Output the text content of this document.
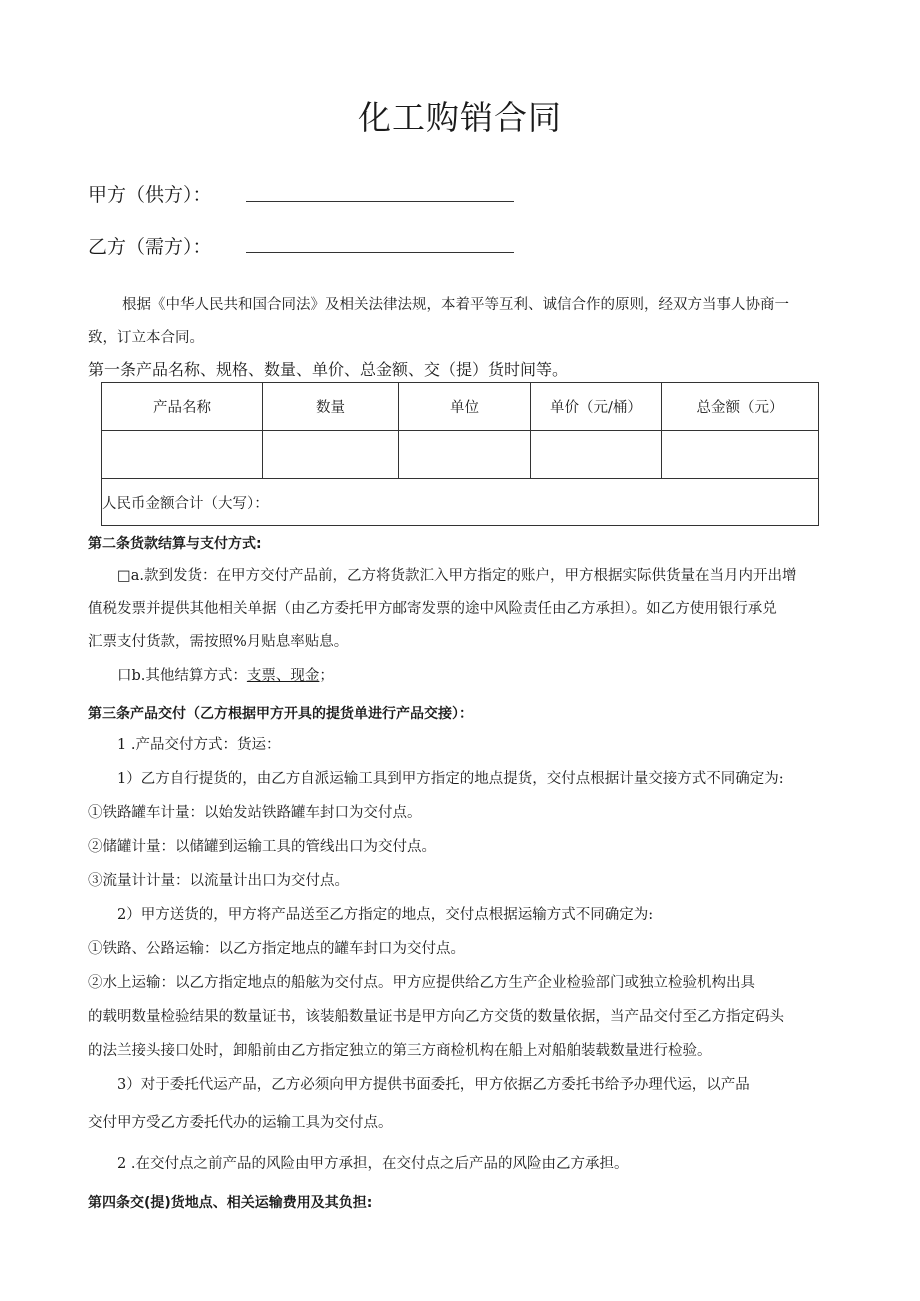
化工购销合同
甲方（供方）：
乙方（需方）：
根据《中华人民共和国合同法》及相关法律法规，本着平等互利、诚信合作的原则，经双方当事人协商一
致，订立本合同。
第一条产品名称、规格、数量、单价、总金额、交（提）货时间等。
产品名称	数量	单位	单价（元/桶）	总金额（元）

人民币金额合计（大写）：				
第二条货款结算与支付方式:
□a.款到发货：在甲方交付产品前，乙方将货款汇入甲方指定的账户，甲方根据实际供货量在当月内开出增
值税发票并提供其他相关单据（由乙方委托甲方邮寄发票的途中风险责任由乙方承担）。如乙方使用银行承兑
汇票支付货款，需按照%月贴息率贴息。
口b.其他结算方式：支票、现金；
第三条产品交付（乙方根据甲方开具的提货单进行产品交接）：
1 .产品交付方式：货运：
1）乙方自行提货的，由乙方自派运输工具到甲方指定的地点提货，交付点根据计量交接方式不同确定为:
①铁路罐车计量：以始发站铁路罐车封口为交付点。
②储罐计量：以储罐到运输工具的管线出口为交付点。
③流量计计量：以流量计出口为交付点。
2）甲方送货的，甲方将产品送至乙方指定的地点，交付点根据运输方式不同确定为:
①铁路、公路运输：以乙方指定地点的罐车封口为交付点。
②水上运输：以乙方指定地点的船舷为交付点。甲方应提供给乙方生产企业检验部门或独立检验机构出具
的载明数量检验结果的数量证书，该装船数量证书是甲方向乙方交货的数量依据，当产品交付至乙方指定码头
的法兰接头接口处时，卸船前由乙方指定独立的第三方商检机构在船上对船舶装载数量进行检验。
3）对于委托代运产品，乙方必须向甲方提供书面委托，甲方依据乙方委托书给予办理代运，以产品
交付甲方受乙方委托代办的运输工具为交付点。
2 .在交付点之前产品的风险由甲方承担，在交付点之后产品的风险由乙方承担。
第四条交(提)货地点、相关运输费用及其负担:
